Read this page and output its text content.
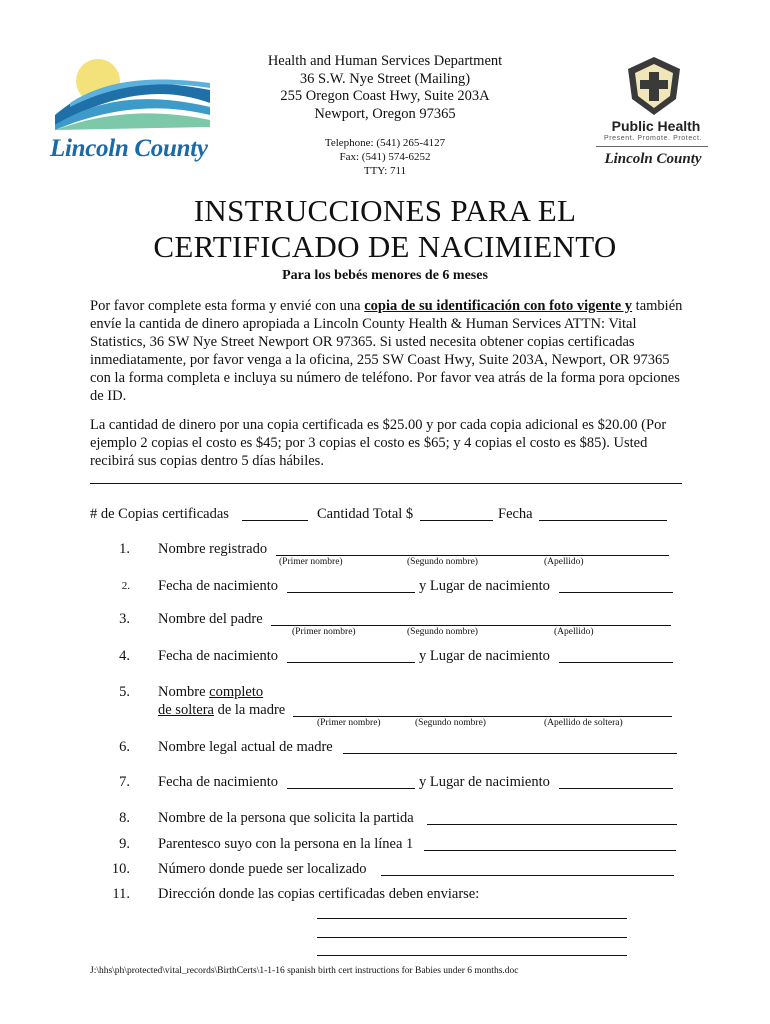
Lincoln County
Public Health
Present. Promote. Protect.
Lincoln County
Health and Human Services Department
36 S.W. Nye Street (Mailing)
255 Oregon Coast Hwy, Suite 203A
Newport, Oregon 97365
Telephone: (541) 265-4127
Fax: (541) 574-6252
TTY: 711
INSTRUCCIONES PARA EL
CERTIFICADO DE NACIMIENTO
Para los bebés menores de 6 meses
Por favor complete esta forma y envié con una copia de su identificación con foto vigente y también envíe la cantida de dinero apropiada a Lincoln County Health & Human Services ATTN: Vital Statistics, 36 SW Nye Street Newport OR 97365. Si usted necesita obtener copias certificadas inmediatamente, por favor venga a la oficina, 255 SW Coast Hwy, Suite 203A, Newport, OR 97365 con la forma completa e incluya su número de teléfono. Por favor vea atrás de la forma pora opciones de ID.
La cantidad de dinero por una copia certificada es $25.00 y por cada copia adicional es $20.00 (Por ejemplo 2 copias el costo es $45; por 3 copias el costo es $65; y 4 copias el costo es $85). Usted recibirá sus copias dentro 5 días hábiles.
# de Copias certificadas	Cantidad Total $	Fecha
1. Nombre registrado
(Primer nombre)	(Segundo nombre)	(Apellido)
2. Fecha de nacimiento	y Lugar de nacimiento
3. Nombre del padre
(Primer nombre)	(Segundo nombre)	(Apellido)
4. Fecha de nacimiento	y Lugar de nacimiento
5. Nombre completo
de soltera de la madre
(Primer nombre)	(Segundo nombre)	(Apellido de soltera)
6. Nombre legal actual de madre
7. Fecha de nacimiento	y Lugar de nacimiento
8. Nombre de la persona que solicita la partida
9. Parentesco suyo con la persona en la línea 1
10. Número donde puede ser localizado
11. Dirección donde las copias certificadas deben enviarse:
J:\hhs\ph\protected\vital_records\BirthCerts\1-1-16 spanish birth cert instructions for Babies under 6 months.doc
